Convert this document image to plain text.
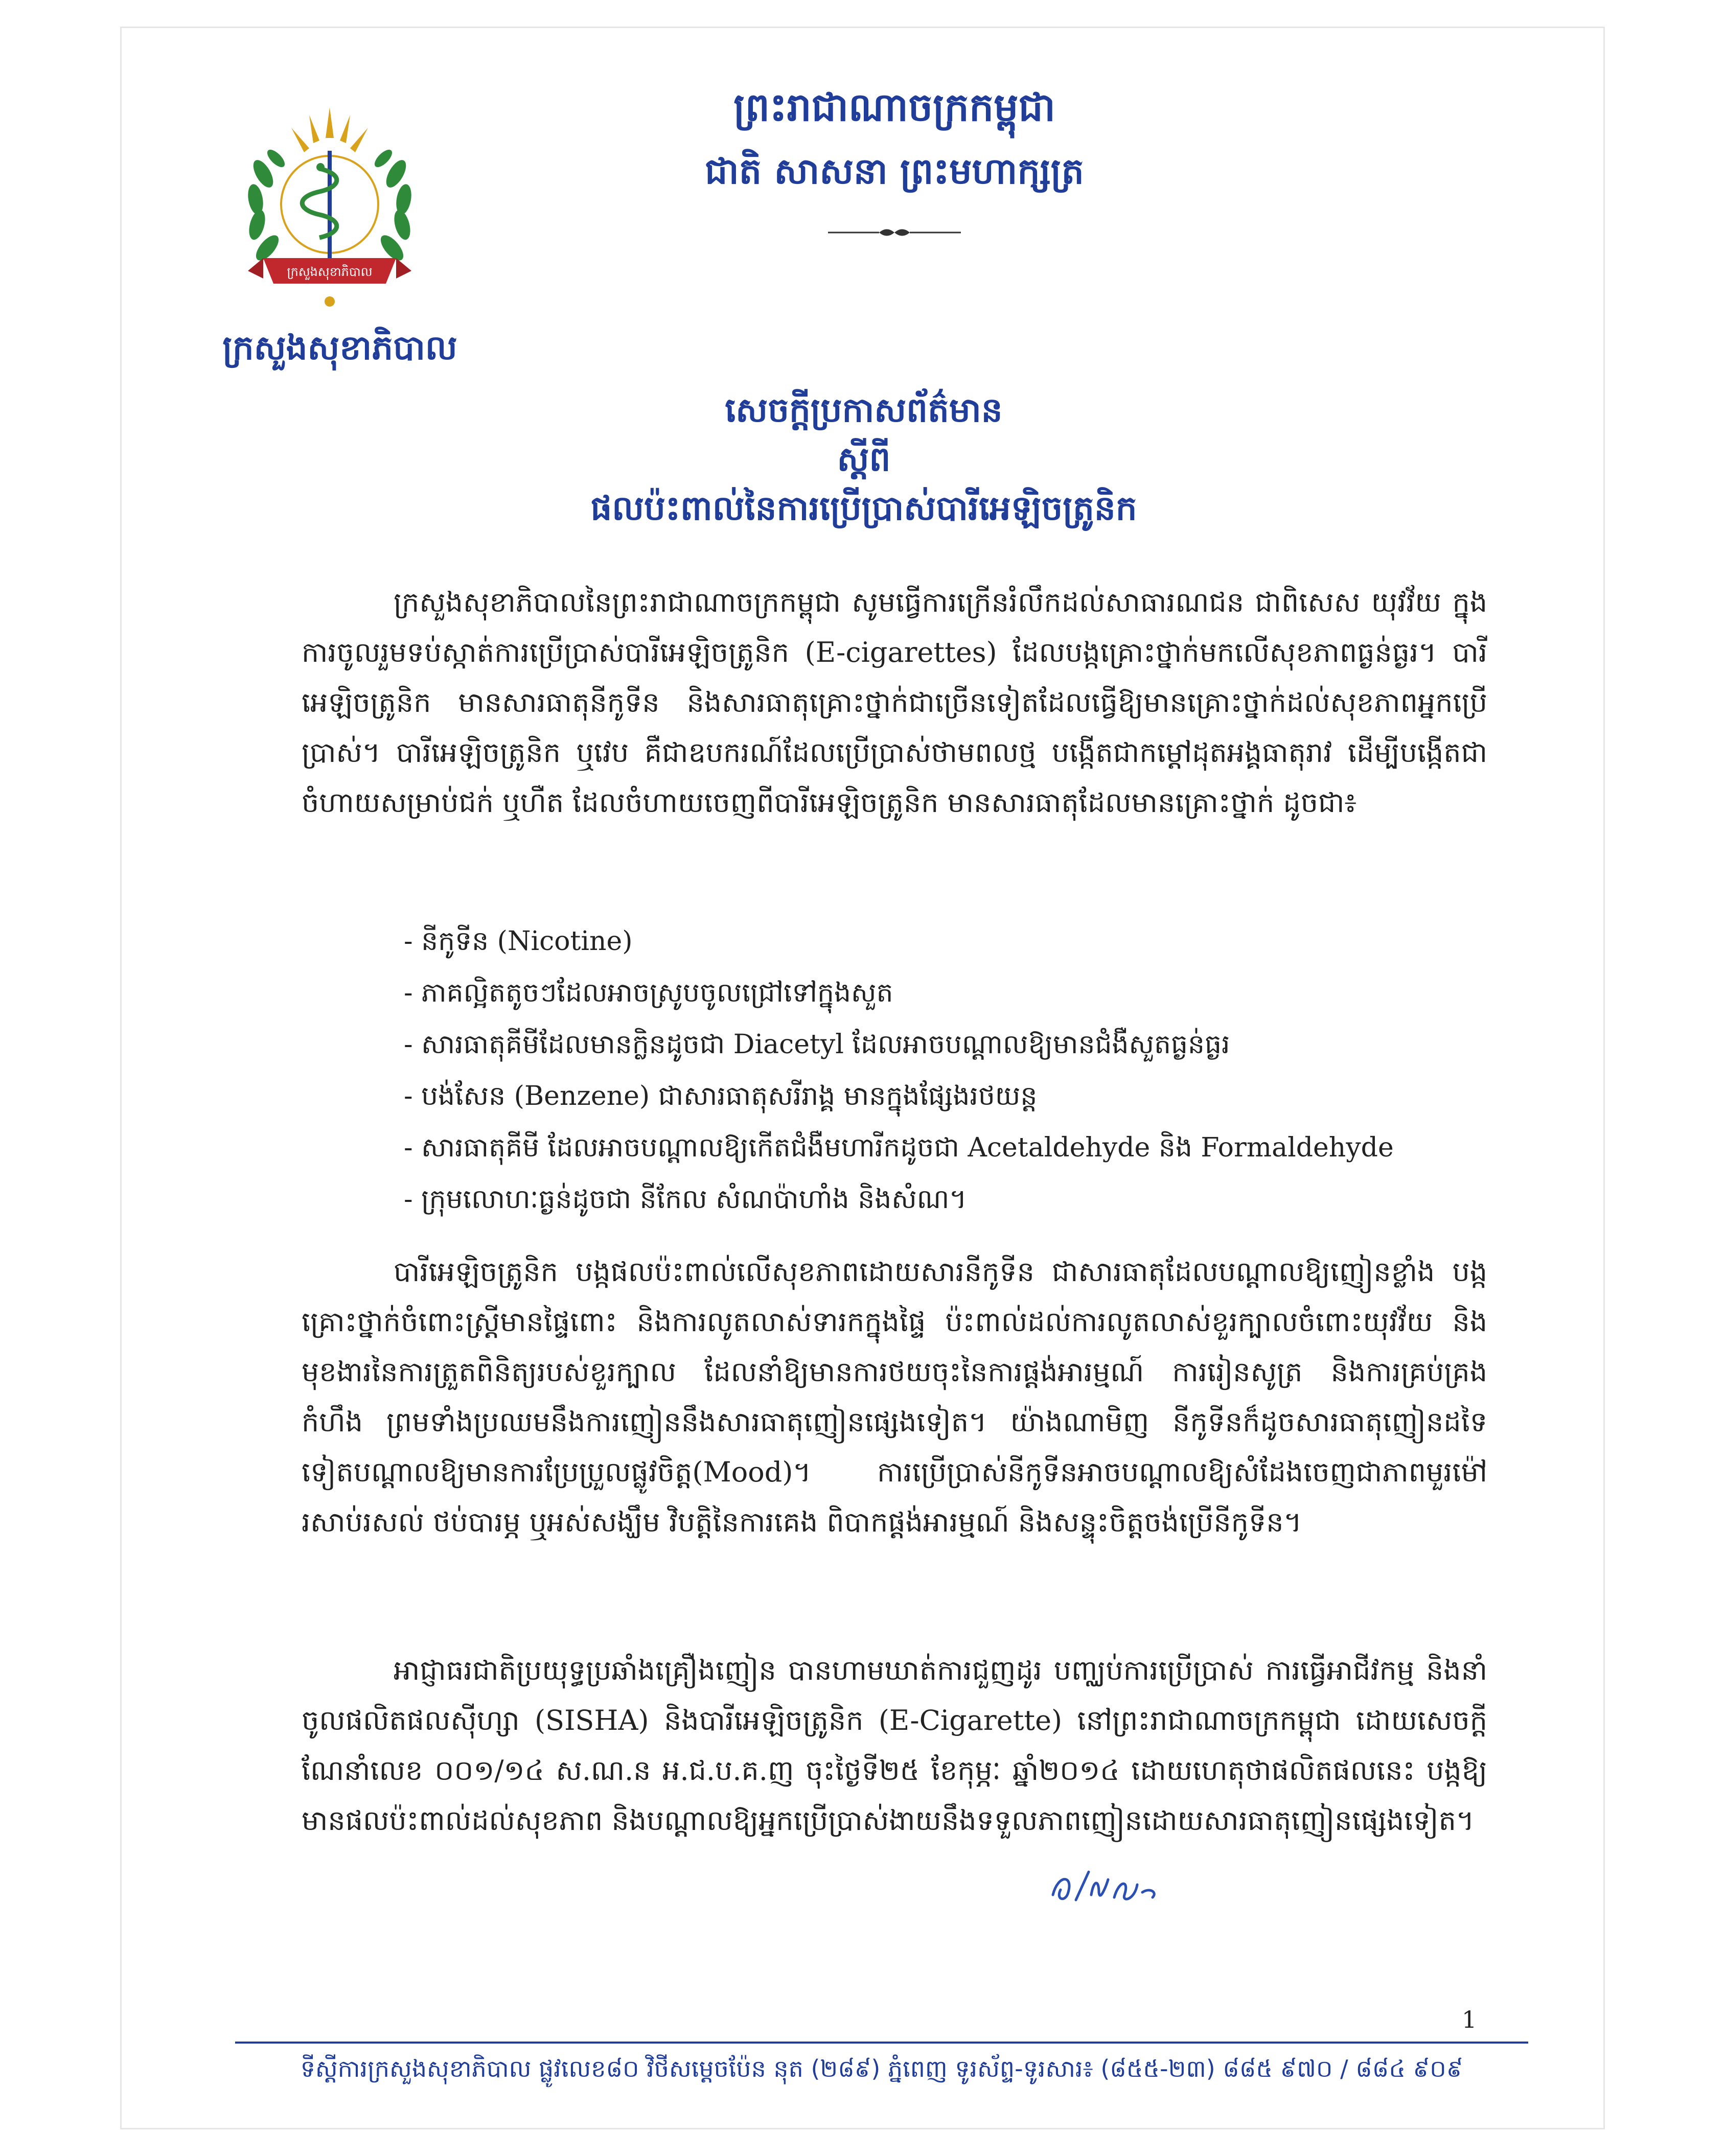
ក្រសួងសុខាភិបាល
ក្រសួងសុខាភិបាល
ព្រះរាជាណាចក្រកម្ពុជា
ជាតិ សាសនា ព្រះមហាក្សត្រ
សេចក្តីប្រកាសព័ត៌មាន
ស្តីពី
ផលប៉ះពាល់នៃការប្រើប្រាស់បារីអេឡិចត្រូនិក
ក្រសួងសុខាភិបាលនៃព្រះរាជាណាចក្រកម្ពុជា សូមធ្វើការក្រើនរំលឹកដល់សាធារណជន ជាពិសេស យុវវ័យ ក្នុងការចូលរួមទប់ស្កាត់ការប្រើប្រាស់បារីអេឡិចត្រូនិក (E-cigarettes) ដែលបង្កគ្រោះថ្នាក់មកលើសុខភាពធ្ងន់ធ្ងរ។ បារីអេឡិចត្រូនិក មានសារធាតុនីកូទីន និងសារធាតុគ្រោះថ្នាក់ជាច្រើនទៀតដែលធ្វើឱ្យមានគ្រោះថ្នាក់ដល់សុខភាពអ្នកប្រើប្រាស់។ បារីអេឡិចត្រូនិក ឬវេប គឺជាឧបករណ៍ដែលប្រើប្រាស់ថាមពលថ្ម បង្កើតជាកម្តៅដុតអង្គធាតុរាវ ដើម្បីបង្កើតជាចំហាយសម្រាប់ជក់ ឬហឺត ដែលចំហាយចេញពីបារីអេឡិចត្រូនិក មានសារធាតុដែលមានគ្រោះថ្នាក់ ដូចជា៖
- នីកូទីន (Nicotine)
- ភាគល្អិតតូចៗដែលអាចស្រូបចូលជ្រៅទៅក្នុងសួត
- សារធាតុគីមីដែលមានក្លិនដូចជា Diacetyl ដែលអាចបណ្តាលឱ្យមានជំងឺសួតធ្ងន់ធ្ងរ
- បង់សែន (Benzene) ជាសារធាតុសរីរាង្គ មានក្នុងផ្សែងរថយន្ត
- សារធាតុគីមី ដែលអាចបណ្តាលឱ្យកើតជំងឺមហារីកដូចជា Acetaldehyde និង Formaldehyde
- ក្រុមលោហៈធ្ងន់ដូចជា នីកែល សំណប៉ាហាំង និងសំណ។
បារីអេឡិចត្រូនិក បង្កផលប៉ះពាល់លើសុខភាពដោយសារនីកូទីន ជាសារធាតុដែលបណ្តាលឱ្យញៀនខ្លាំង បង្កគ្រោះថ្នាក់ចំពោះស្ត្រីមានផ្ទៃពោះ និងការលូតលាស់ទារកក្នុងផ្ទៃ ប៉ះពាល់ដល់ការលូតលាស់ខួរក្បាលចំពោះយុវវ័យ និងមុខងារនៃការត្រួតពិនិត្យរបស់ខួរក្បាល ដែលនាំឱ្យមានការថយចុះនៃការផ្តង់អារម្មណ៍ ការរៀនសូត្រ និងការគ្រប់គ្រងកំហឹង ព្រមទាំងប្រឈមនឹងការញៀននឹងសារធាតុញៀនផ្សេងទៀត។ យ៉ាងណាមិញ នីកូទីនក៏ដូចសារធាតុញៀនដទៃទៀតបណ្តាលឱ្យមានការប្រែប្រួលផ្លូវចិត្ត(Mood)។ ការប្រើប្រាស់នីកូទីនអាចបណ្តាលឱ្យសំដែងចេញជាភាពមួរម៉ៅ រសាប់រសល់ ថប់បារម្ភ ឬអស់សង្ឃឹម វិបត្តិនៃការគេង ពិបាកផ្តង់អារម្មណ៍ និងសន្ទុះចិត្តចង់ប្រើនីកូទីន។
អាជ្ញាធរជាតិប្រយុទ្ធប្រឆាំងគ្រឿងញៀន បានហាមឃាត់ការជួញដូរ បញ្ឈប់ការប្រើប្រាស់ ការធ្វើអាជីវកម្ម និងនាំចូលផលិតផលស៊ីហ្សា (SISHA) និងបារីអេឡិចត្រូនិក (E-Cigarette) នៅព្រះរាជាណាចក្រកម្ពុជា ដោយសេចក្តីណែនាំលេខ ០០១/១៤ ស.ណ.ន អ.ជ.ប.គ.ញ ចុះថ្ងៃទី២៥ ខែកុម្ភៈ ឆ្នាំ២០១៤ ដោយហេតុថាផលិតផលនេះ បង្កឱ្យមានផលប៉ះពាល់ដល់សុខភាព និងបណ្តាលឱ្យអ្នកប្រើប្រាស់ងាយនឹងទទួលភាពញៀនដោយសារធាតុញៀនផ្សេងទៀត។
1
ទីស្តីការក្រសួងសុខាភិបាល ផ្លូវលេខ៨០ វិថីសម្តេចប៉ែន នុត (២៨៩) ភ្នំពេញ ទូរស័ព្ទ-ទូរសារ៖ (៨៥៥-២៣) ៨៨៥ ៩៧០ / ៨៨៤ ៩០៩
